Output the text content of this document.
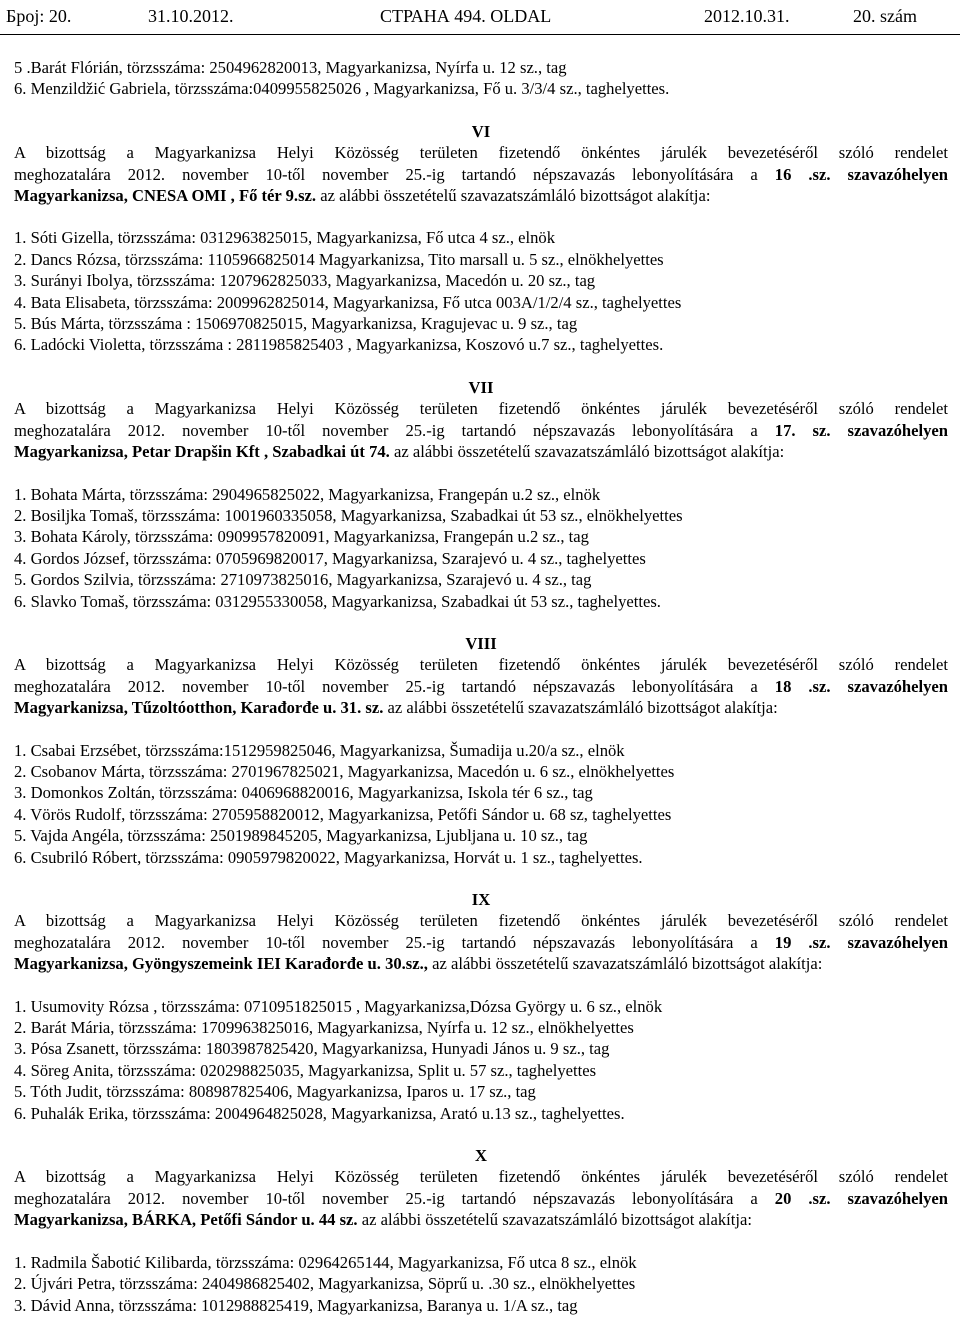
Број: 20.	31.10.2012.	СТРАНА 494. OLDAL	2012.10.31.	20. szám
5 .Barát Flórián, törzsszáma: 2504962820013, Magyarkanizsa, Nyírfa u. 12 sz., tag
6. Menzildžić Gabriela, törzsszáma:0409955825026 , Magyarkanizsa, Fő u. 3/3/4 sz., taghelyettes.
VI
A bizottság a Magyarkanizsa Helyi Közösség területen fizetendő önkéntes járulék bevezetéséről szóló rendelet
meghozatalára 2012. november 10-től november 25.-ig tartandó népszavazás lebonyolítására a 16 .sz. szavazóhelyen
Magyarkanizsa, CNESA OMI , Fő tér 9.sz. az alábbi összetételű szavazatszámláló bizottságot alakítja:
1. Sóti Gizella, törzsszáma: 0312963825015, Magyarkanizsa, Fő utca 4 sz., elnök
2. Dancs Rózsa, törzsszáma: 1105966825014 Magyarkanizsa, Tito marsall u. 5 sz., elnökhelyettes
3. Surányi Ibolya, törzsszáma: 1207962825033, Magyarkanizsa, Macedón u. 20 sz., tag
4. Bata Elisabeta, törzsszáma: 2009962825014, Magyarkanizsa, Fő utca 003A/1/2/4 sz., taghelyettes
5. Bús Márta, törzsszáma : 1506970825015, Magyarkanizsa, Kragujevac u. 9 sz., tag
6. Ladócki Violetta, törzsszáma : 2811985825403 , Magyarkanizsa, Koszovó u.7 sz., taghelyettes.
VII
A bizottság a Magyarkanizsa Helyi Közösség területen fizetendő önkéntes járulék bevezetéséről szóló rendelet
meghozatalára 2012. november 10-től november 25.-ig tartandó népszavazás lebonyolítására a 17. sz. szavazóhelyen
Magyarkanizsa, Petar Drapšin Kft , Szabadkai út 74. az alábbi összetételű szavazatszámláló bizottságot alakítja:
1. Bohata Márta, törzsszáma: 2904965825022, Magyarkanizsa, Frangepán u.2 sz., elnök
2. Bosiljka Tomaš, törzsszáma: 1001960335058, Magyarkanizsa, Szabadkai út 53 sz., elnökhelyettes
3. Bohata Károly, törzsszáma: 0909957820091, Magyarkanizsa, Frangepán u.2 sz., tag
4. Gordos József, törzsszáma: 0705969820017, Magyarkanizsa, Szarajevó u. 4 sz., taghelyettes
5. Gordos Szilvia, törzsszáma: 2710973825016, Magyarkanizsa, Szarajevó u. 4 sz., tag
6. Slavko Tomaš, törzsszáma: 0312955330058, Magyarkanizsa, Szabadkai út 53 sz., taghelyettes.
VIII
A bizottság a Magyarkanizsa Helyi Közösség területen fizetendő önkéntes járulék bevezetéséről szóló rendelet
meghozatalára 2012. november 10-től november 25.-ig tartandó népszavazás lebonyolítására a 18 .sz. szavazóhelyen
Magyarkanizsa, Tűzoltóotthon, Karađorđe u. 31. sz. az alábbi összetételű szavazatszámláló bizottságot alakítja:
1. Csabai Erzsébet, törzsszáma:1512959825046, Magyarkanizsa, Šumadija u.20/a sz., elnök
2. Csobanov Márta, törzsszáma: 2701967825021, Magyarkanizsa, Macedón u. 6 sz., elnökhelyettes
3. Domonkos Zoltán, törzsszáma: 0406968820016, Magyarkanizsa, Iskola tér 6 sz., tag
4. Vörös Rudolf, törzsszáma: 2705958820012, Magyarkanizsa, Petőfi Sándor u. 68 sz, taghelyettes
5. Vajda Angéla, törzsszáma: 2501989845205, Magyarkanizsa, Ljubljana u. 10 sz., tag
6. Csubriló Róbert, törzsszáma: 0905979820022, Magyarkanizsa, Horvát u. 1 sz., taghelyettes.
IX
A bizottság a Magyarkanizsa Helyi Közösség területen fizetendő önkéntes járulék bevezetéséről szóló rendelet
meghozatalára 2012. november 10-től november 25.-ig tartandó népszavazás lebonyolítására a 19 .sz. szavazóhelyen
Magyarkanizsa, Gyöngyszemeink IEI Karađorđe u. 30.sz., az alábbi összetételű szavazatszámláló bizottságot alakítja:
1. Usumovity Rózsa , törzsszáma: 0710951825015 , Magyarkanizsa,Dózsa György u. 6 sz., elnök
2. Barát Mária, törzsszáma: 1709963825016, Magyarkanizsa, Nyírfa u. 12 sz., elnökhelyettes
3. Pósa Zsanett, törzsszáma: 1803987825420, Magyarkanizsa, Hunyadi János u. 9 sz., tag
4. Söreg Anita, törzsszáma: 020298825035, Magyarkanizsa, Split u. 57 sz., taghelyettes
5. Tóth Judit, törzsszáma: 808987825406, Magyarkanizsa, Iparos u. 17 sz., tag
6. Puhalák Erika, törzsszáma: 2004964825028, Magyarkanizsa, Arató u.13 sz., taghelyettes.
X
A bizottság a Magyarkanizsa Helyi Közösség területen fizetendő önkéntes járulék bevezetéséről szóló rendelet
meghozatalára 2012. november 10-től november 25.-ig tartandó népszavazás lebonyolítására a 20 .sz. szavazóhelyen
Magyarkanizsa, BÁRKA, Petőfi Sándor u. 44 sz. az alábbi összetételű szavazatszámláló bizottságot alakítja:
1. Radmila Šabotić Kilibarda, törzsszáma: 02964265144, Magyarkanizsa, Fő utca 8 sz., elnök
2. Újvári Petra, törzsszáma: 2404986825402, Magyarkanizsa, Söprű u. .30 sz., elnökhelyettes
3. Dávid Anna, törzsszáma: 1012988825419, Magyarkanizsa, Baranya u. 1/A sz., tag
